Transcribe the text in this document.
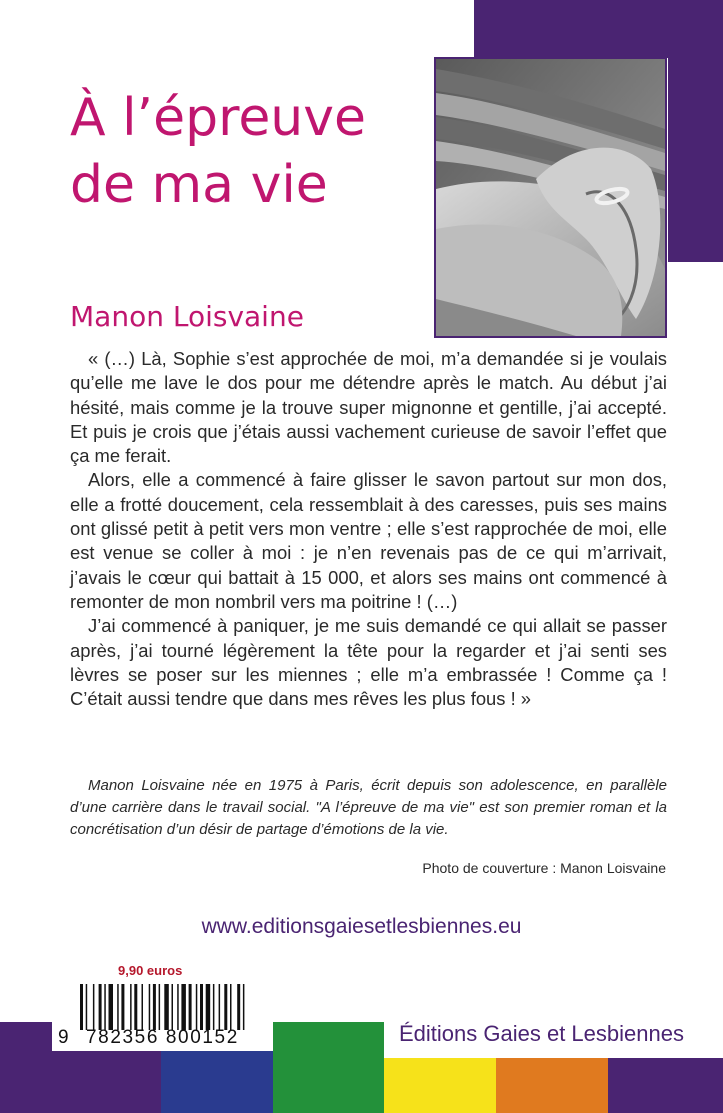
À l’épreuve
de ma vie
Manon Loisvaine

« (…) Là, Sophie s’est approchée de moi, m’a demandée si je voulais qu’elle me lave le dos pour me détendre après le match. Au début j’ai hésité, mais comme je la trouve super mignonne et gentille, j’ai accepté. Et puis je crois que j’étais aussi vachement curieuse de savoir l’effet que ça me ferait.

Alors, elle a commencé à faire glisser le savon partout sur mon dos, elle a frotté doucement, cela ressemblait à des caresses, puis ses mains ont glissé petit à petit vers mon ventre ; elle s’est rapprochée de moi, elle est venue se coller à moi : je n’en revenais pas de ce qui m’arrivait, j’avais le cœur qui battait à 15 000, et alors ses mains ont commencé à remonter de mon nombril vers ma poitrine ! (…)

J’ai commencé à paniquer, je me suis demandé ce qui allait se passer après, j’ai tourné légèrement la tête pour la regarder et j’ai senti ses lèvres se poser sur les miennes ; elle m’a embrassée ! Comme ça ! C’était aussi tendre que dans mes rêves les plus fous ! »

Manon Loisvaine née en 1975 à Paris, écrit depuis son adolescence, en parallèle d’une carrière dans le travail social. "A l’épreuve de ma vie" est son premier roman et la concrétisation d’un désir de partage d’émotions de la vie.

Photo de couverture : Manon Loisvaine

www.editionsgaiesetlesbiennes.eu

9,90 euros

9 782356 800152	Éditions Gaies et Lesbiennes
